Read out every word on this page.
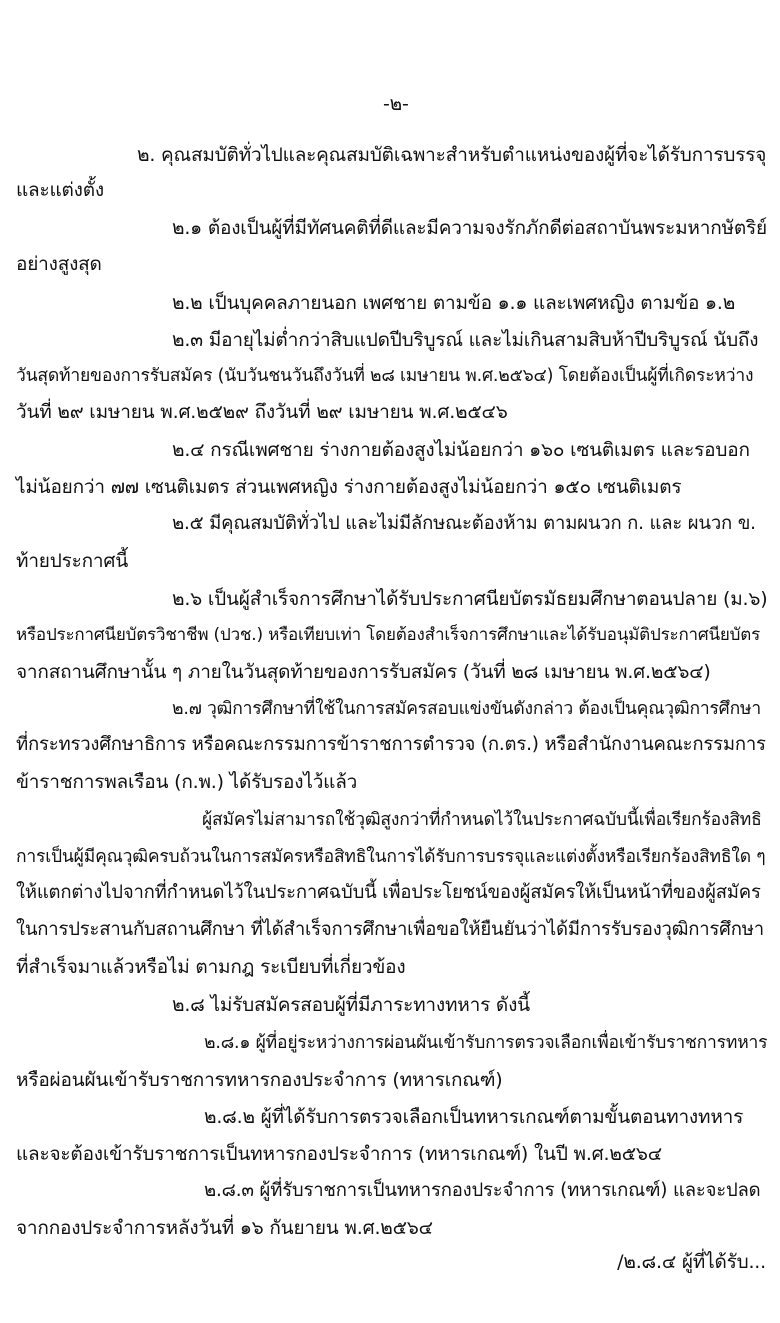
-๒-
๒. คุณสมบัติทั่วไปและคุณสมบัติเฉพาะสำหรับตำแหน่งของผู้ที่จะได้รับการบรรจุ
และแต่งตั้ง
๒.๑ ต้องเป็นผู้ที่มีทัศนคติที่ดีและมีความจงรักภักดีต่อสถาบันพระมหากษัตริย์
อย่างสูงสุด
๒.๒ เป็นบุคคลภายนอก เพศชาย ตามข้อ ๑.๑ และเพศหญิง ตามข้อ ๑.๒
๒.๓ มีอายุไม่ต่ำกว่าสิบแปดปีบริบูรณ์ และไม่เกินสามสิบห้าปีบริบูรณ์ นับถึง
วันสุดท้ายของการรับสมัคร (นับวันชนวันถึงวันที่ ๒๘ เมษายน พ.ศ.๒๕๖๔) โดยต้องเป็นผู้ที่เกิดระหว่าง
วันที่ ๒๙ เมษายน พ.ศ.๒๕๒๙ ถึงวันที่ ๒๙ เมษายน พ.ศ.๒๕๔๖
๒.๔ กรณีเพศชาย ร่างกายต้องสูงไม่น้อยกว่า ๑๖๐ เซนติเมตร และรอบอก
ไม่น้อยกว่า ๗๗ เซนติเมตร ส่วนเพศหญิง ร่างกายต้องสูงไม่น้อยกว่า ๑๕๐ เซนติเมตร
๒.๕ มีคุณสมบัติทั่วไป และไม่มีลักษณะต้องห้าม ตามผนวก ก. และ ผนวก ข.
ท้ายประกาศนี้
๒.๖ เป็นผู้สำเร็จการศึกษาได้รับประกาศนียบัตรมัธยมศึกษาตอนปลาย (ม.๖)
หรือประกาศนียบัตรวิชาชีพ (ปวช.) หรือเทียบเท่า โดยต้องสำเร็จการศึกษาและได้รับอนุมัติประกาศนียบัตร
จากสถานศึกษานั้น ๆ ภายในวันสุดท้ายของการรับสมัคร (วันที่ ๒๘ เมษายน พ.ศ.๒๕๖๔)
๒.๗ วุฒิการศึกษาที่ใช้ในการสมัครสอบแข่งขันดังกล่าว ต้องเป็นคุณวุฒิการศึกษา
ที่กระทรวงศึกษาธิการ หรือคณะกรรมการข้าราชการตำรวจ (ก.ตร.) หรือสำนักงานคณะกรรมการ
ข้าราชการพลเรือน (ก.พ.) ได้รับรองไว้แล้ว
ผู้สมัครไม่สามารถใช้วุฒิสูงกว่าที่กำหนดไว้ในประกาศฉบับนี้เพื่อเรียกร้องสิทธิ
การเป็นผู้มีคุณวุฒิครบถ้วนในการสมัครหรือสิทธิในการได้รับการบรรจุและแต่งตั้งหรือเรียกร้องสิทธิใด ๆ
ให้แตกต่างไปจากที่กำหนดไว้ในประกาศฉบับนี้ เพื่อประโยชน์ของผู้สมัครให้เป็นหน้าที่ของผู้สมัคร
ในการประสานกับสถานศึกษา ที่ได้สำเร็จการศึกษาเพื่อขอให้ยืนยันว่าได้มีการรับรองวุฒิการศึกษา
ที่สำเร็จมาแล้วหรือไม่ ตามกฎ ระเบียบที่เกี่ยวข้อง
๒.๘ ไม่รับสมัครสอบผู้ที่มีภาระทางทหาร ดังนี้
๒.๘.๑ ผู้ที่อยู่ระหว่างการผ่อนผันเข้ารับการตรวจเลือกเพื่อเข้ารับราชการทหาร
หรือผ่อนผันเข้ารับราชการทหารกองประจำการ (ทหารเกณฑ์)
๒.๘.๒ ผู้ที่ได้รับการตรวจเลือกเป็นทหารเกณฑ์ตามขั้นตอนทางทหาร
และจะต้องเข้ารับราชการเป็นทหารกองประจำการ (ทหารเกณฑ์) ในปี พ.ศ.๒๕๖๔
๒.๘.๓ ผู้ที่รับราชการเป็นทหารกองประจำการ (ทหารเกณฑ์) และจะปลด
จากกองประจำการหลังวันที่ ๑๖ กันยายน พ.ศ.๒๕๖๔
/๒.๘.๔ ผู้ที่ได้รับ...
